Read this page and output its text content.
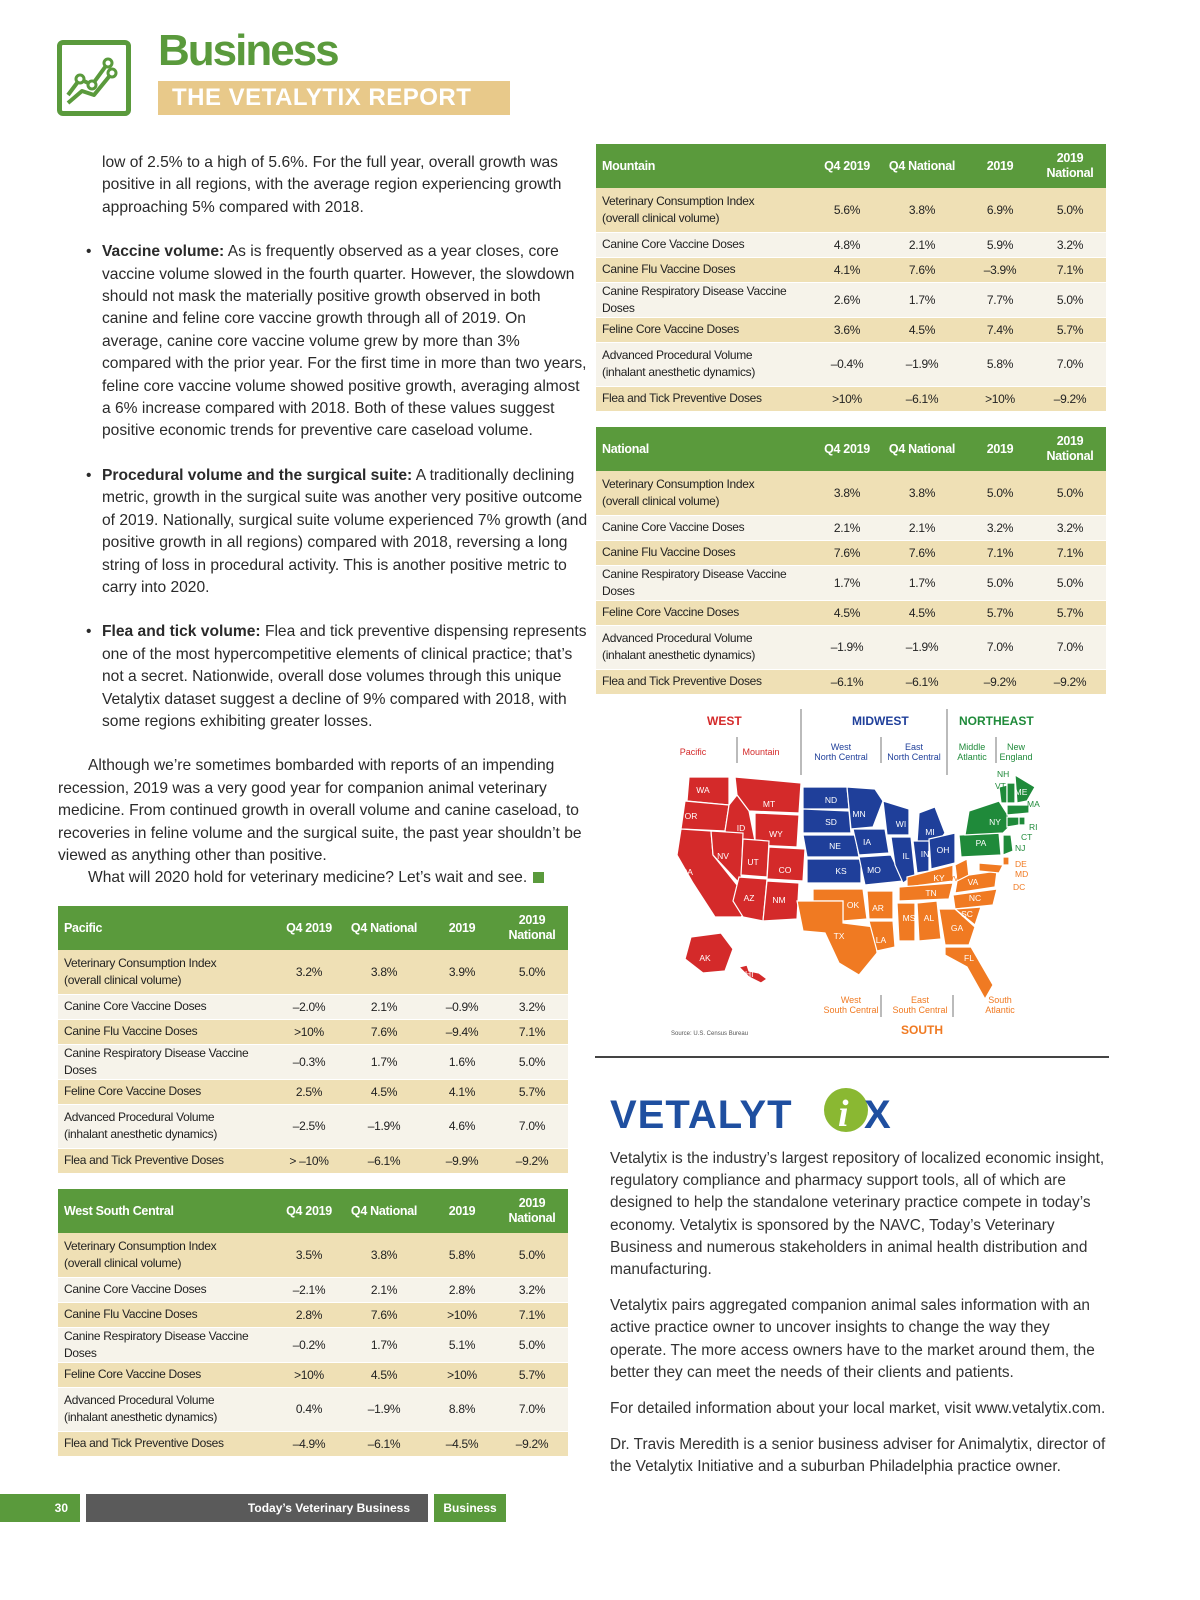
Business
THE VETALYTIX REPORT

low of 2.5% to a high of 5.6%. For the full year, overall growth was positive in all regions, with the average region experiencing growth approaching 5% compared with 2018.

• Vaccine volume: As is frequently observed as a year closes, core vaccine volume slowed in the fourth quarter. However, the slowdown should not mask the materially positive growth observed in both canine and feline core vaccine growth through all of 2019. On average, canine core vaccine volume grew by more than 3% compared with the prior year. For the first time in more than two years, feline core vaccine volume showed positive growth, averaging almost a 6% increase compared with 2018. Both of these values suggest positive economic trends for preventive care caseload volume.
• Procedural volume and the surgical suite: A traditionally declining metric, growth in the surgical suite was another very positive outcome of 2019. Nationally, surgical suite volume experienced 7% growth (and positive growth in all regions) compared with 2018, reversing a long string of loss in procedural activity. This is another positive metric to carry into 2020.
• Flea and tick volume: Flea and tick preventive dispensing represents one of the most hypercompetitive elements of clinical practice; that’s not a secret. Nationwide, overall dose volumes through this unique Vetalytix dataset suggest a decline of 9% compared with 2018, with some regions exhibiting greater losses.

Although we’re sometimes bombarded with reports of an impending recession, 2019 was a very good year for companion animal veterinary medicine. From continued growth in overall volume and canine caseload, to recoveries in feline volume and the surgical suite, the past year shouldn’t be viewed as anything other than positive.

What will 2020 hold for veterinary medicine? Let’s wait and see.

Mountain	Q4 2019	Q4 National	2019	2019
National
Veterinary Consumption Index
(overall clinical volume)	5.6%	3.8%	6.9%	5.0%
Canine Core Vaccine Doses	4.8%	2.1%	5.9%	3.2%
Canine Flu Vaccine Doses	4.1%	7.6%	–3.9%	7.1%
Canine Respiratory Disease Vaccine Doses	2.6%	1.7%	7.7%	5.0%
Feline Core Vaccine Doses	3.6%	4.5%	7.4%	5.7%
Advanced Procedural Volume
(inhalant anesthetic dynamics)	–0.4%	–1.9%	5.8%	7.0%
Flea and Tick Preventive Doses	>10%	–6.1%	>10%	–9.2%
National	Q4 2019	Q4 National	2019	2019
National
Veterinary Consumption Index
(overall clinical volume)	3.8%	3.8%	5.0%	5.0%
Canine Core Vaccine Doses	2.1%	2.1%	3.2%	3.2%
Canine Flu Vaccine Doses	7.6%	7.6%	7.1%	7.1%
Canine Respiratory Disease Vaccine Doses	1.7%	1.7%	5.0%	5.0%
Feline Core Vaccine Doses	4.5%	4.5%	5.7%	5.7%
Advanced Procedural Volume
(inhalant anesthetic dynamics)	–1.9%	–1.9%	7.0%	7.0%
Flea and Tick Preventive Doses	–6.1%	–6.1%	–9.2%	–9.2%
Pacific	Q4 2019	Q4 National	2019	2019
National
Veterinary Consumption Index
(overall clinical volume)	3.2%	3.8%	3.9%	5.0%
Canine Core Vaccine Doses	–2.0%	2.1%	–0.9%	3.2%
Canine Flu Vaccine Doses	>10%	7.6%	–9.4%	7.1%
Canine Respiratory Disease Vaccine Doses	–0.3%	1.7%	1.6%	5.0%
Feline Core Vaccine Doses	2.5%	4.5%	4.1%	5.7%
Advanced Procedural Volume
(inhalant anesthetic dynamics)	–2.5%	–1.9%	4.6%	7.0%
Flea and Tick Preventive Doses	> –10%	–6.1%	–9.9%	–9.2%
West South Central	Q4 2019	Q4 National	2019	2019
National
Veterinary Consumption Index
(overall clinical volume)	3.5%	3.8%	5.8%	5.0%
Canine Core Vaccine Doses	–2.1%	2.1%	2.8%	3.2%
Canine Flu Vaccine Doses	2.8%	7.6%	>10%	7.1%
Canine Respiratory Disease Vaccine Doses	–0.2%	1.7%	5.1%	5.0%
Feline Core Vaccine Doses	>10%	4.5%	>10%	5.7%
Advanced Procedural Volume
(inhalant anesthetic dynamics)	0.4%	–1.9%	8.8%	7.0%
Flea and Tick Preventive Doses	–4.9%	–6.1%	–4.5%	–9.2%
WEST	MIDWEST	NORTHEAST
SOUTH
Pacific	Mountain	West
North Central
East
North Central
Middle
Atlantic
New
England
West
South Central
East
South Central
South
Atlantic
WA
OR
CA
AK
MT
ID
WY
NV
UT
CO
AZ NM
ND
SD
NE
KS
MN
IA
MO
WI
MI
IL IN OH
PA
NY
ME
OK
TX
AR
LA
KY
TN
MS AL
NC
SC
GA
FL
VA
HI
NH
VT
MA
RI
CT
NJ
DE
MD
DC
WV
Source: U.S. Census Bureau
VETALYT i X

Vetalytix is the industry’s largest repository of localized economic insight, regulatory compliance and pharmacy support tools, all of which are designed to help the standalone veterinary practice compete in today’s economy. Vetalytix is sponsored by the NAVC, Today’s Veterinary Business and numerous stakeholders in animal health distribution and manufacturing.

Vetalytix pairs aggregated companion animal sales information with an active practice owner to uncover insights to change the way they operate. The more access owners have to the market around them, the better they can meet the needs of their clients and patients.

For detailed information about your local market, visit www.vetalytix.com.

Dr. Travis Meredith is a senior business adviser for Animalytix, director of the Vetalytix Initiative and a suburban Philadelphia practice owner.

30	Today’s Veterinary Business	Business
